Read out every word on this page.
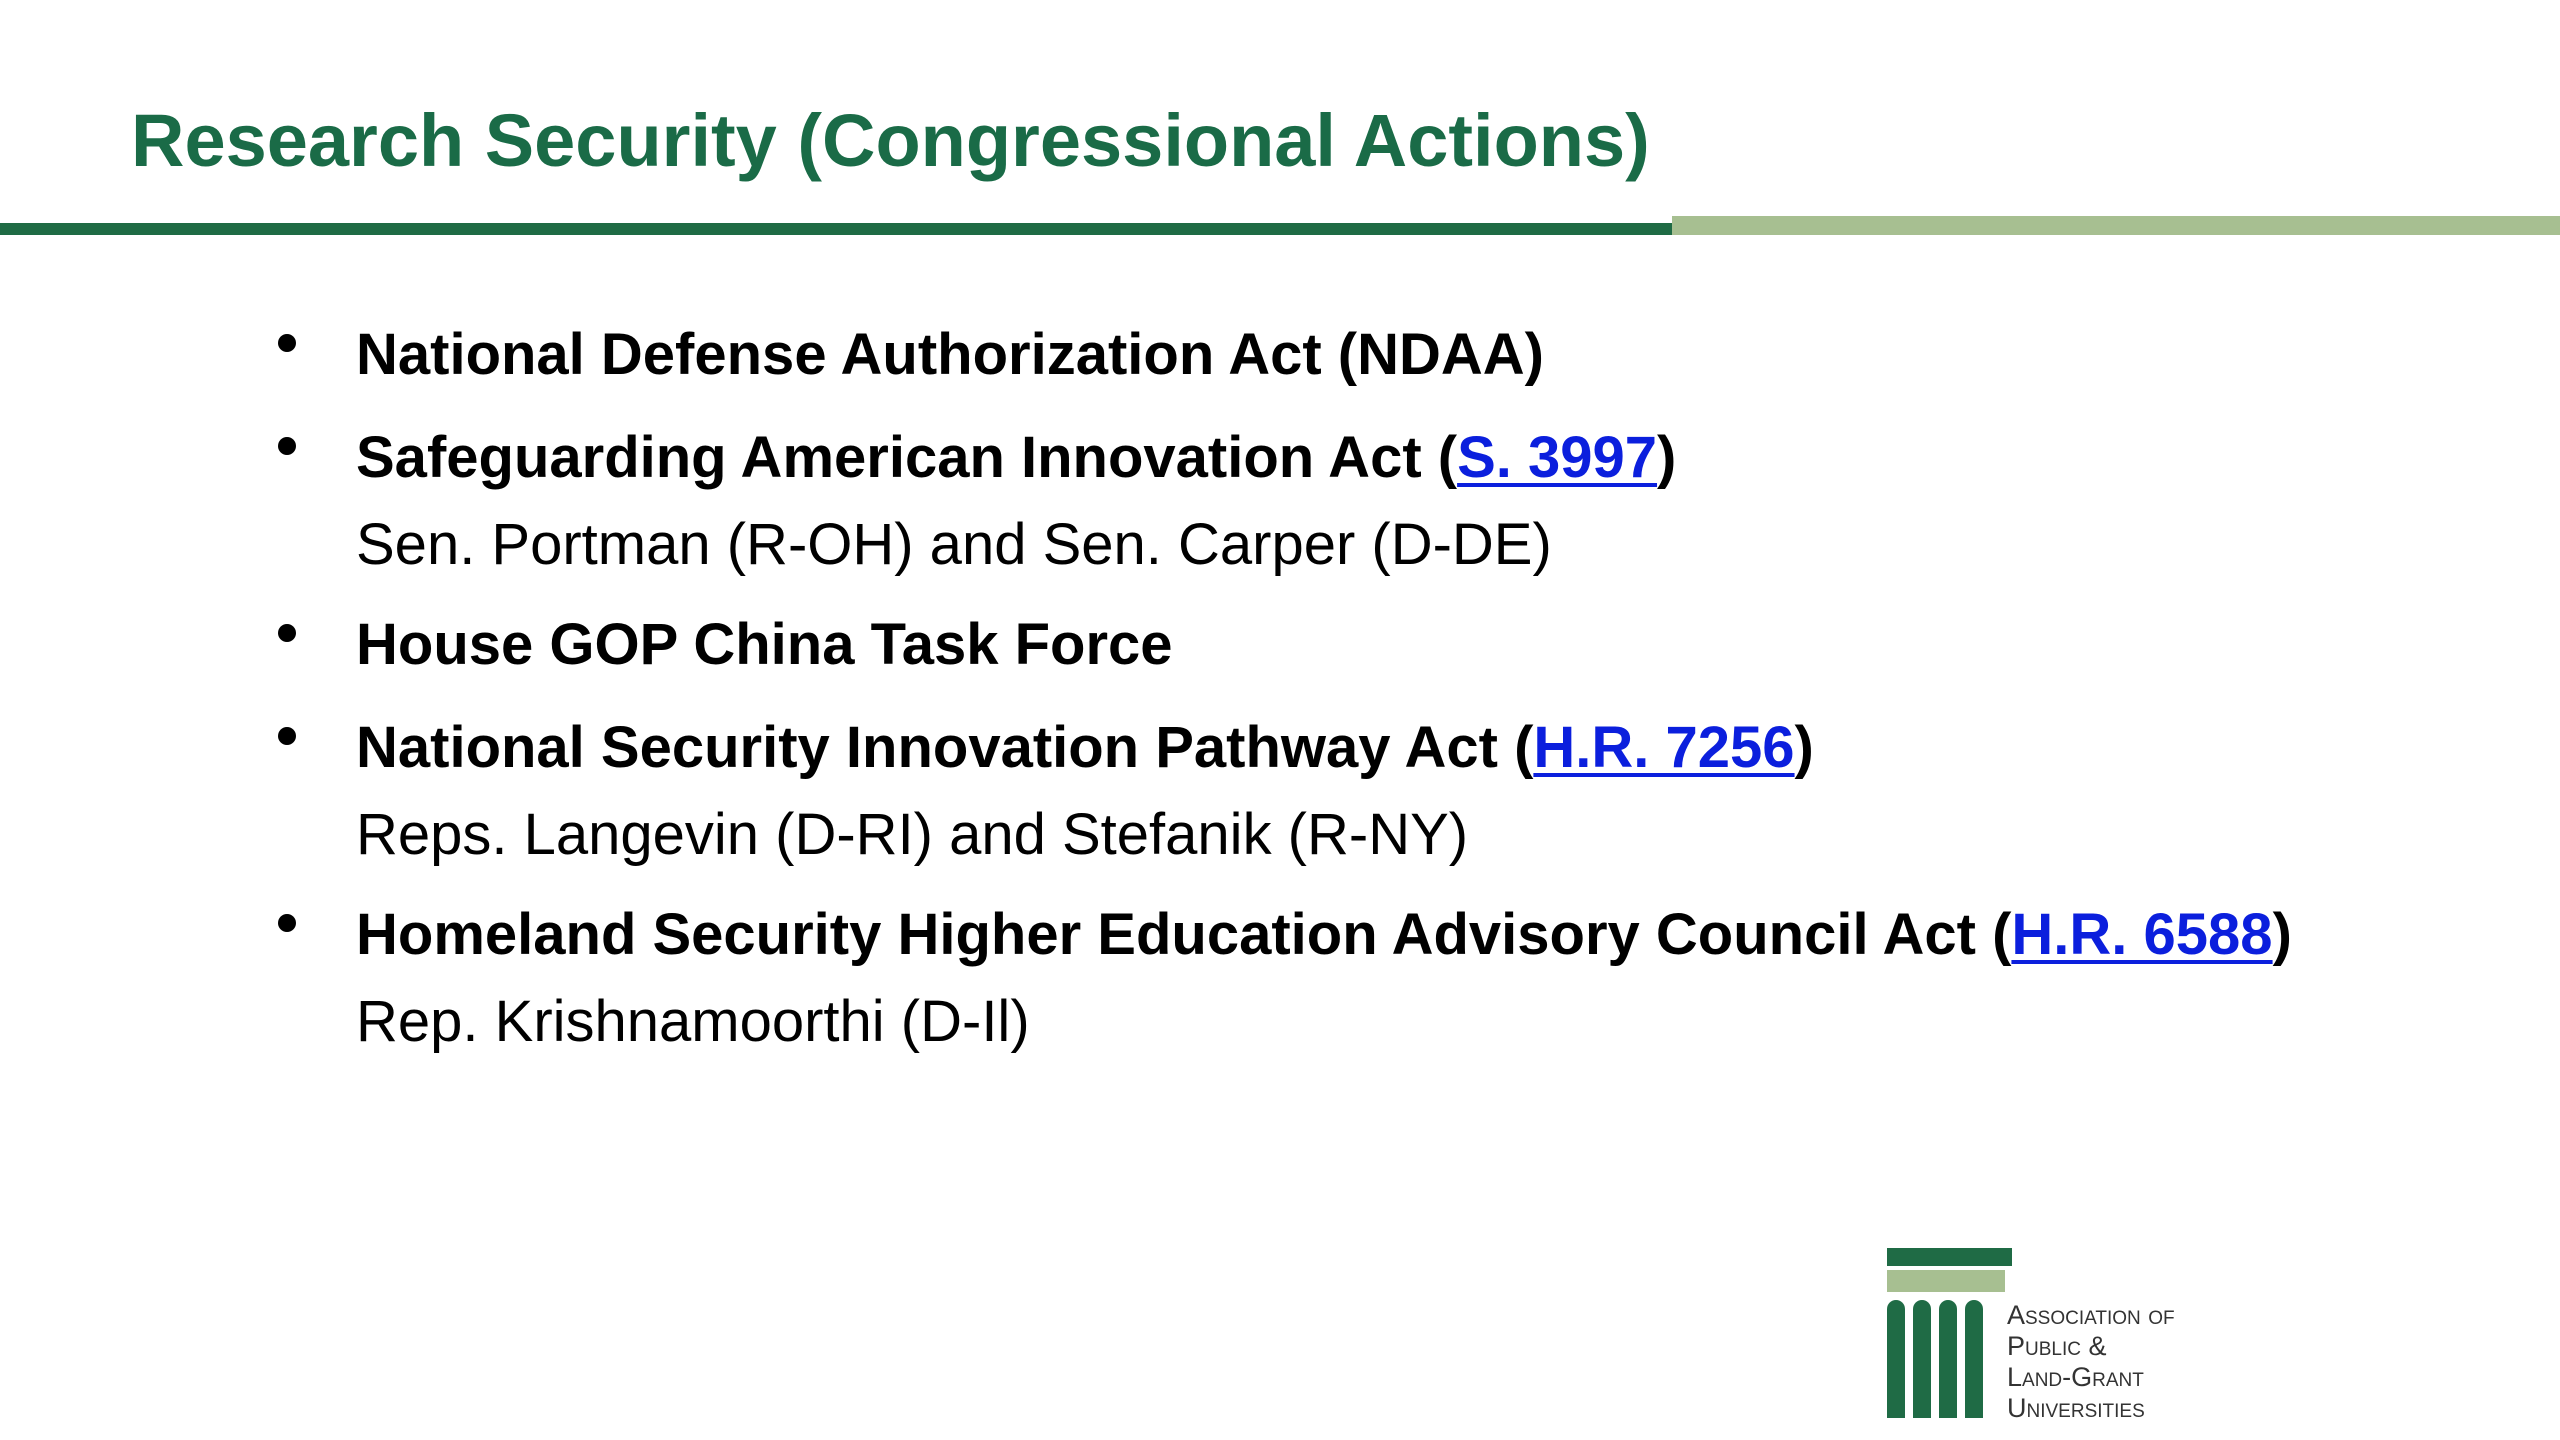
Research Security (Congressional Actions)
National Defense Authorization Act (NDAA)
Safeguarding American Innovation Act (S. 3997)
Sen. Portman (R-OH) and Sen. Carper (D-DE)
House GOP China Task Force
National Security Innovation Pathway Act (H.R. 7256)
Reps. Langevin (D-RI) and Stefanik (R-NY)
Homeland Security Higher Education Advisory Council Act (H.R. 6588)
Rep. Krishnamoorthi (D-Il)
Association of
Public &
Land-Grant
Universities
